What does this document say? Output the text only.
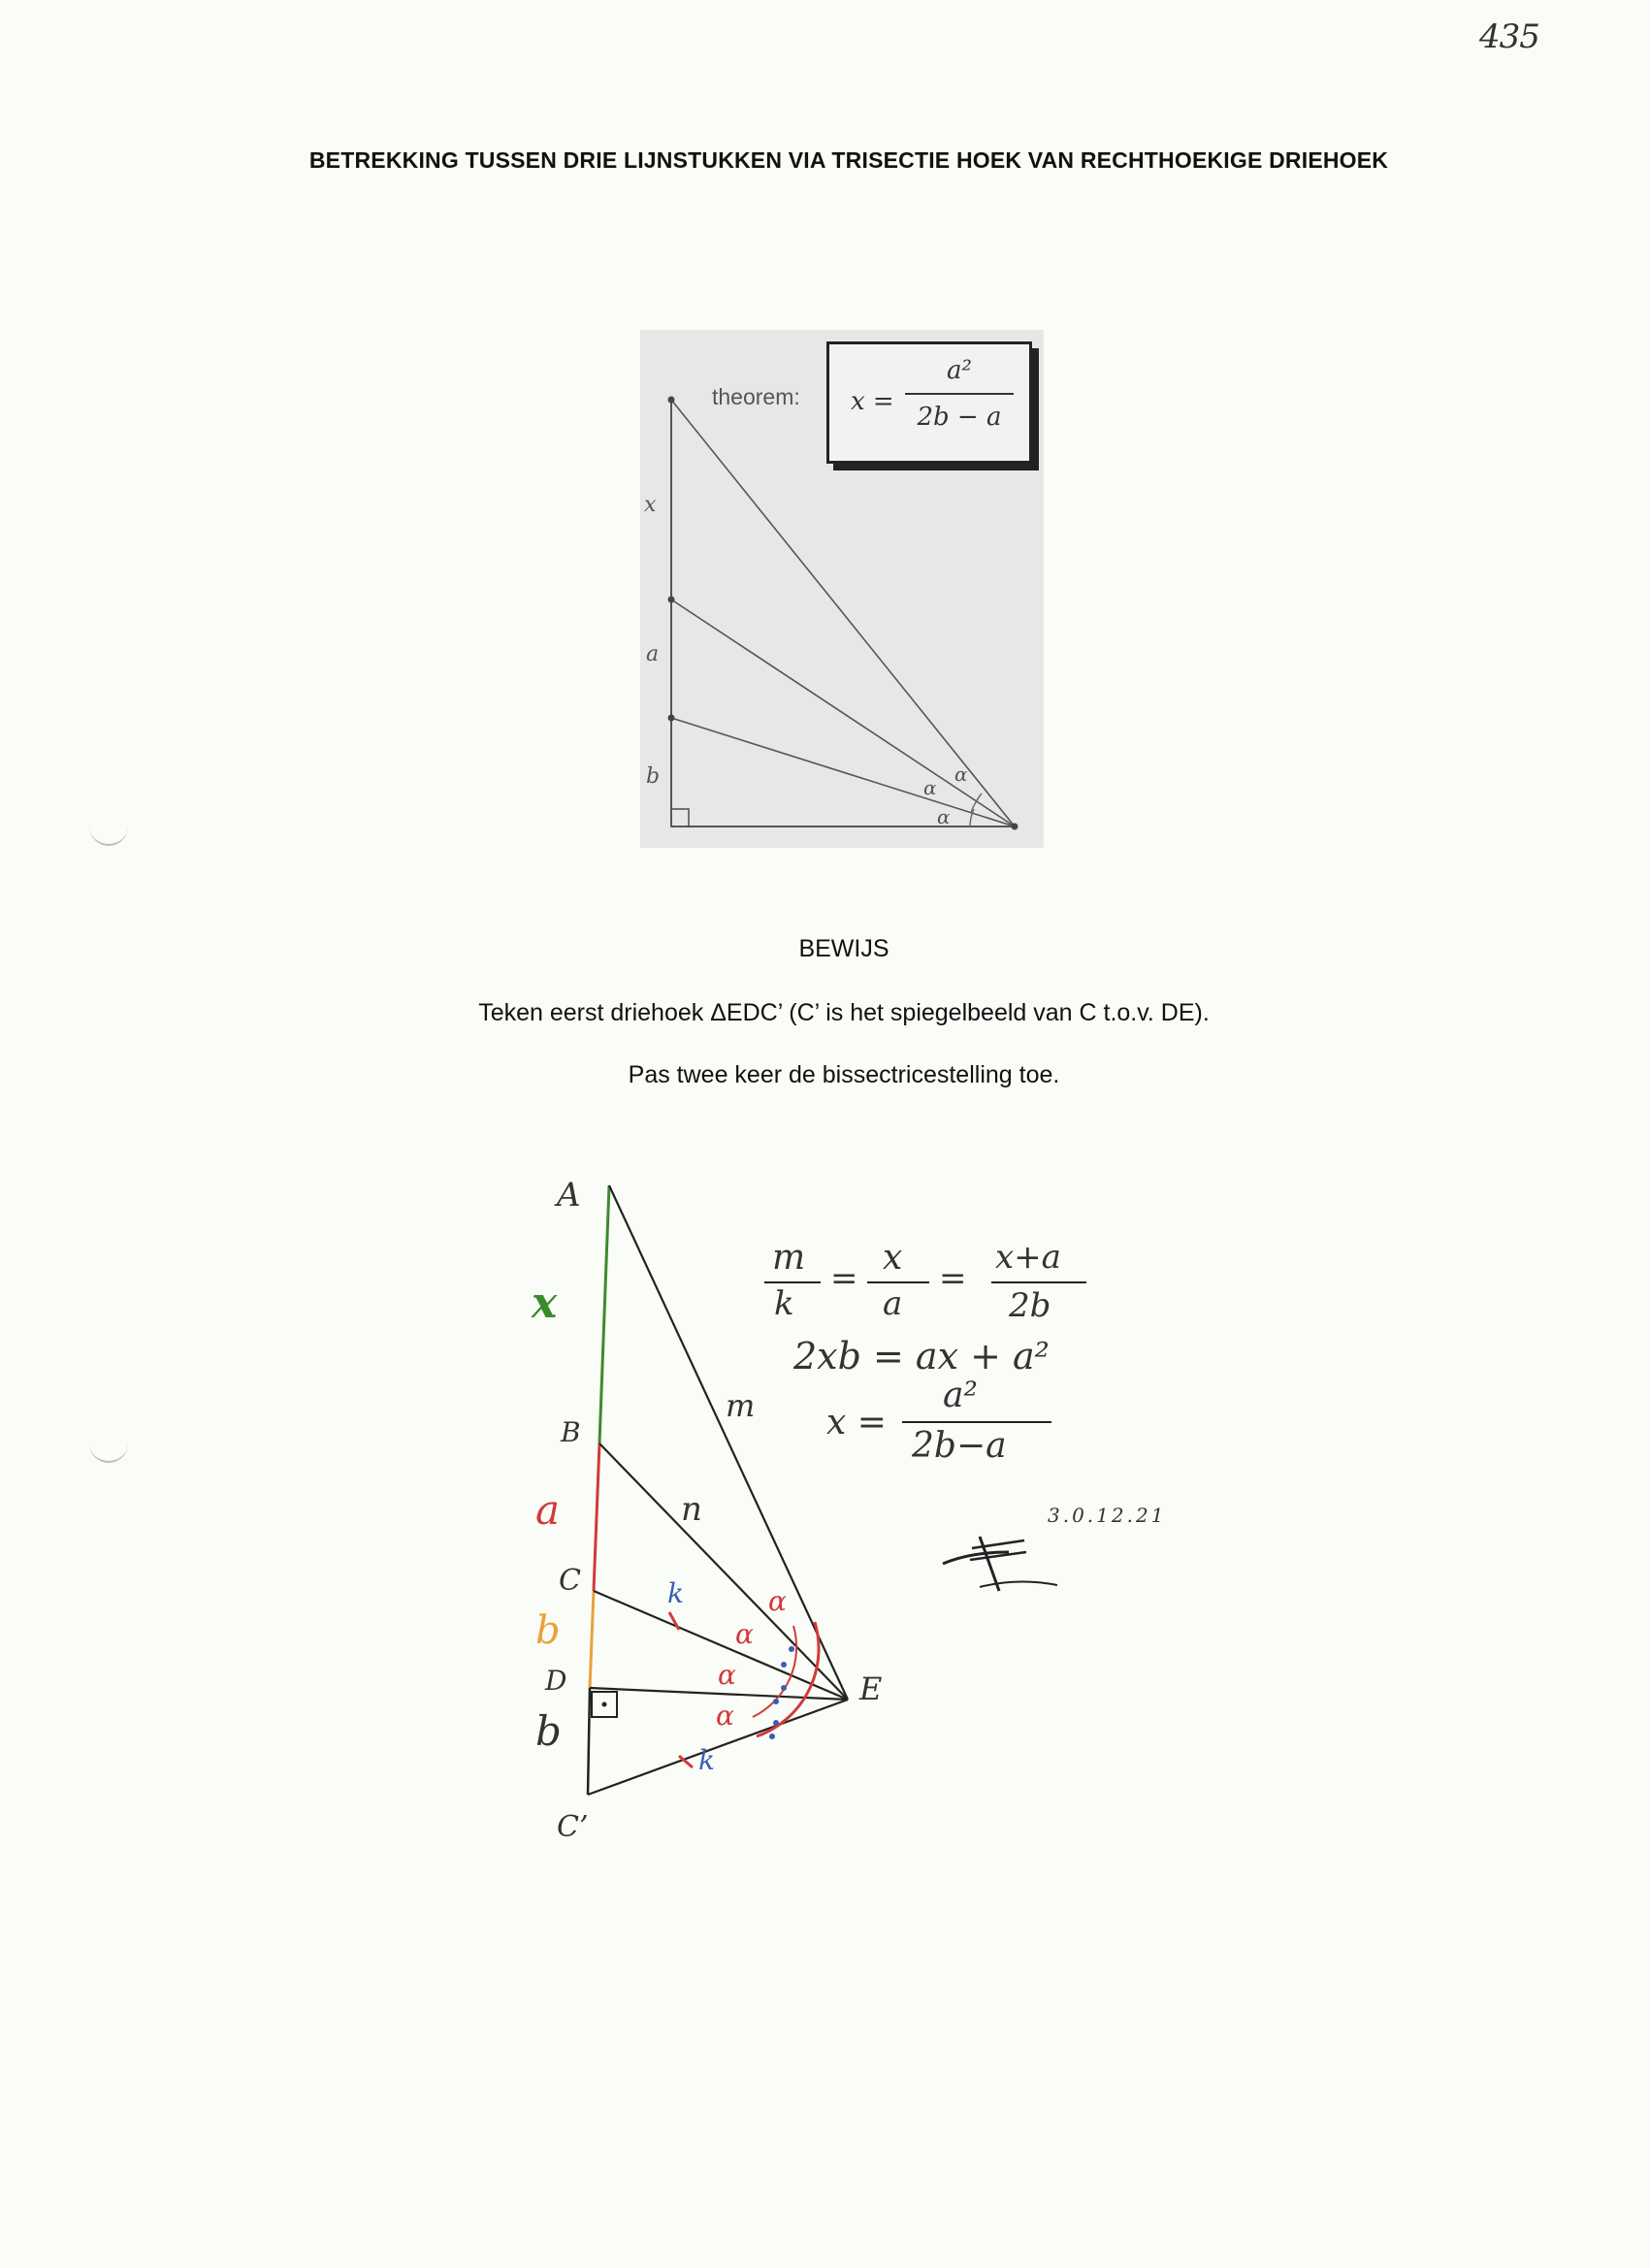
435
BETREKKING TUSSEN DRIE LIJNSTUKKEN VIA TRISECTIE HOEK VAN RECHTHOEKIGE DRIEHOEK
theorem: x =
a²
2b − a
x
a
b	α
α
α
BEWIJS
Teken eerst driehoek ΔEDC’ (C’ is het spiegelbeeld van C t.o.v. DE).
Pas twee keer de bissectricestelling toe.
A
B
C
D	E
C’
x
a
b
b
m
n
k
k
α
α
α
α
m
k
=
x
a
=
x+a
2b
2xb = ax + a²
x =
a²
2b−a
3.0.12.21
